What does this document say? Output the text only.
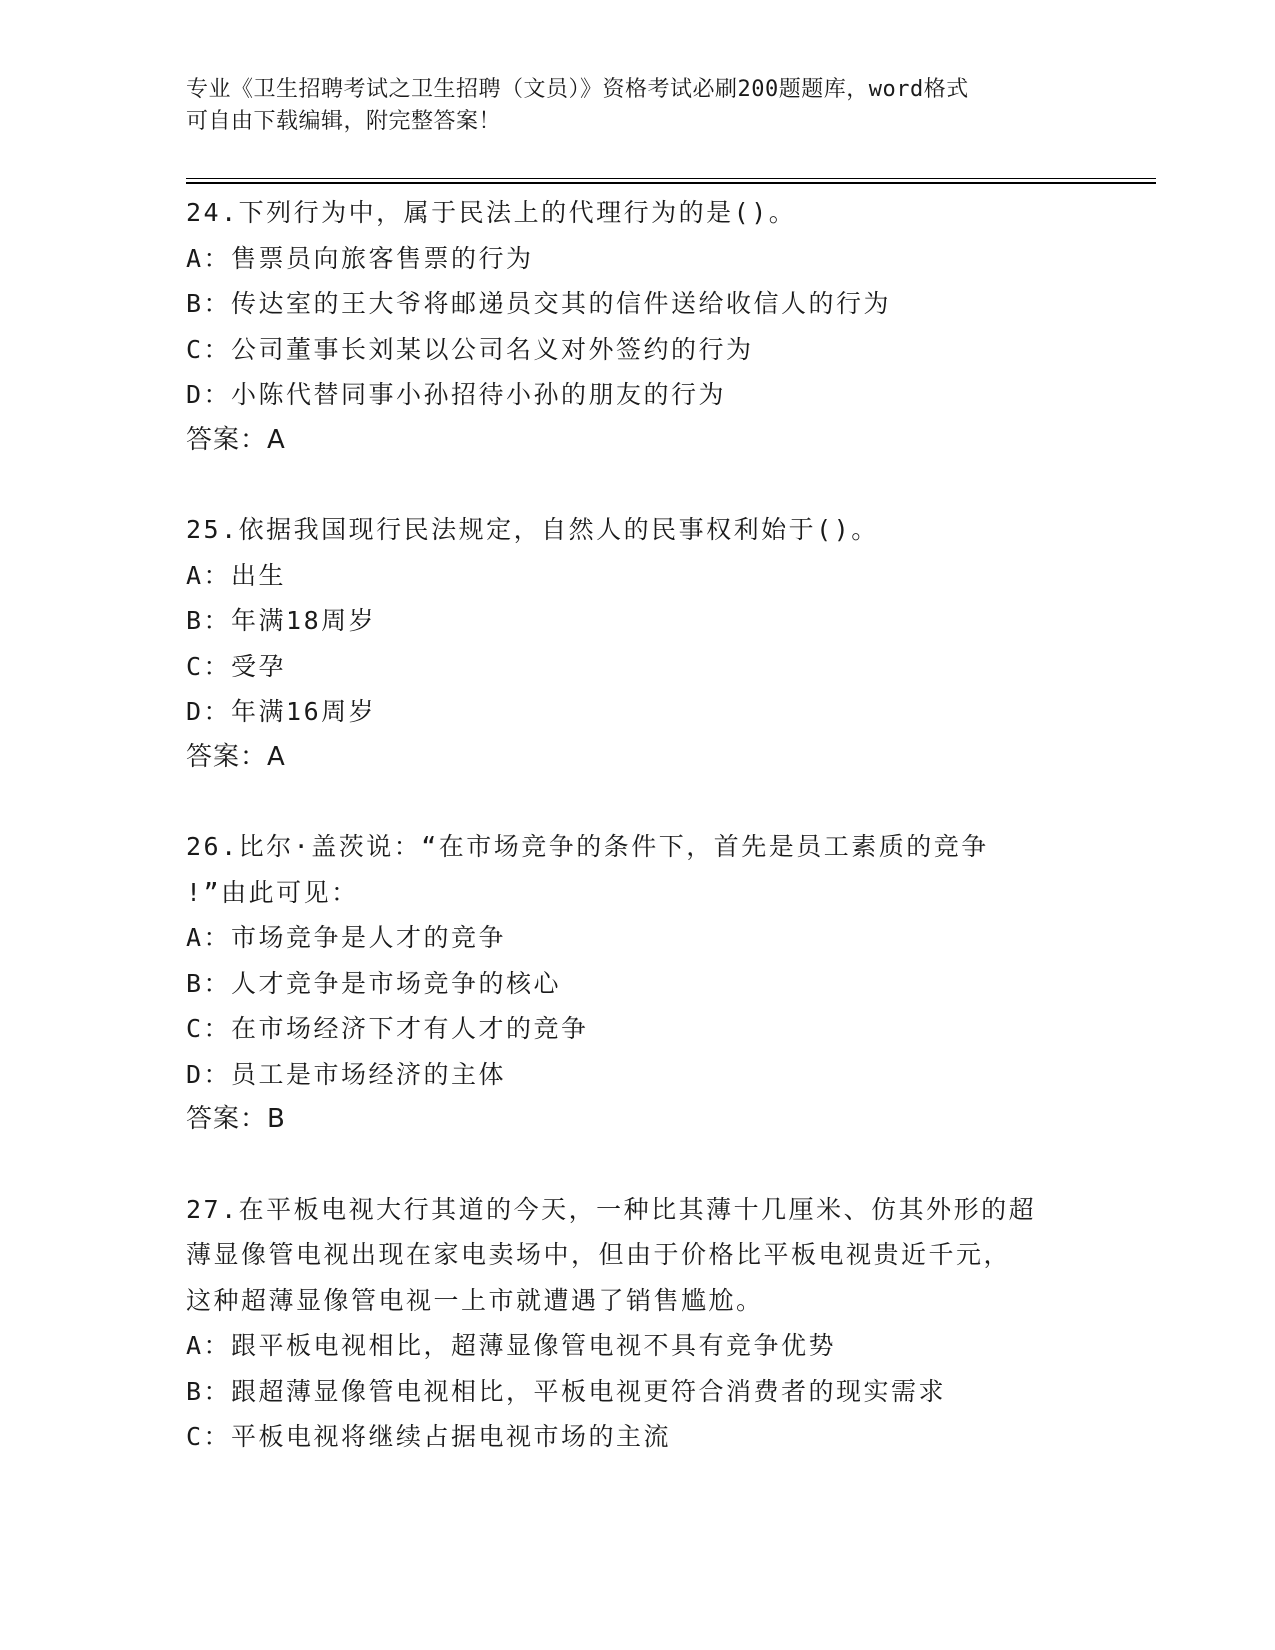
专业《卫生招聘考试之卫生招聘（文员）》资格考试必刷200题题库，word格式
可自由下载编辑，附完整答案！
24.下列行为中，属于民法上的代理行为的是()。
A：售票员向旅客售票的行为
B：传达室的王大爷将邮递员交其的信件送给收信人的行为
C：公司董事长刘某以公司名义对外签约的行为
D：小陈代替同事小孙招待小孙的朋友的行为
答案：A
25.依据我国现行民法规定，自然人的民事权利始于()。
A：出生
B：年满18周岁
C：受孕
D：年满16周岁
答案：A
26.比尔·盖茨说：“在市场竞争的条件下，首先是员工素质的竞争
!”由此可见：
A：市场竞争是人才的竞争
B：人才竞争是市场竞争的核心
C：在市场经济下才有人才的竞争
D：员工是市场经济的主体
答案：B
27.在平板电视大行其道的今天，一种比其薄十几厘米、仿其外形的超
薄显像管电视出现在家电卖场中，但由于价格比平板电视贵近千元，
这种超薄显像管电视一上市就遭遇了销售尴尬。
A：跟平板电视相比，超薄显像管电视不具有竞争优势
B：跟超薄显像管电视相比，平板电视更符合消费者的现实需求
C：平板电视将继续占据电视市场的主流
